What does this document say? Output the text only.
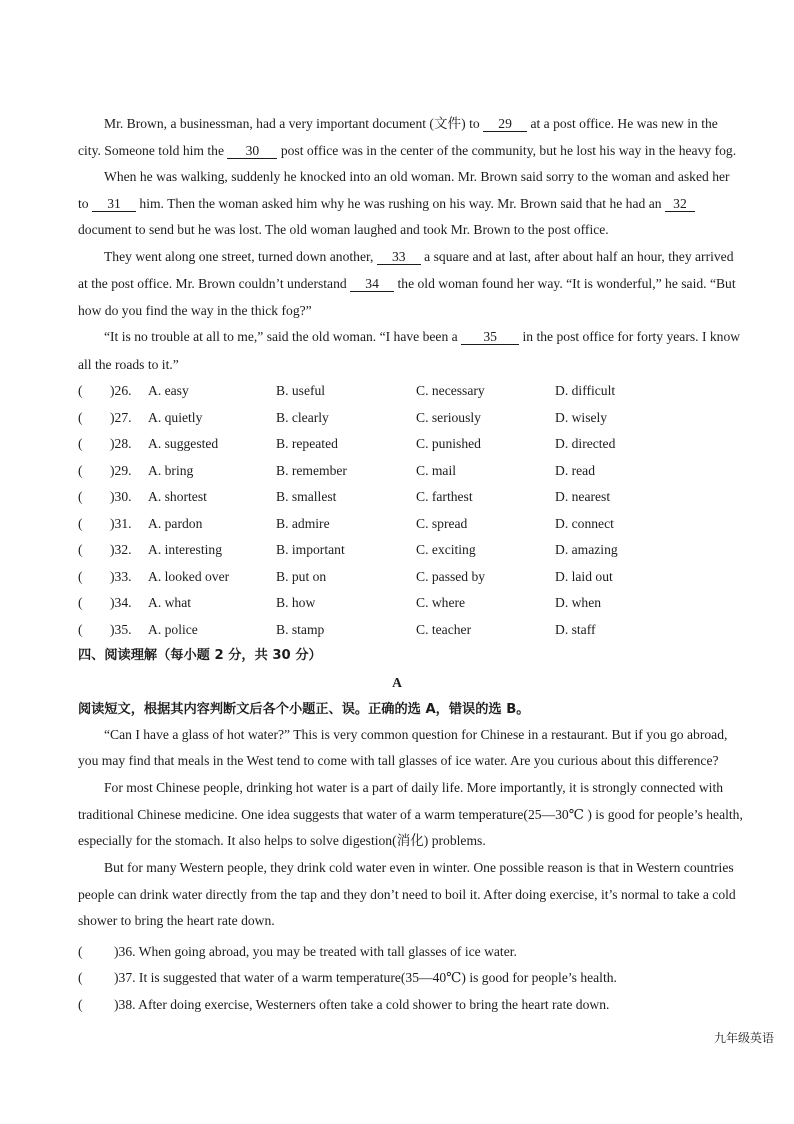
Mr. Brown, a businessman, had a very important document (文件) to 29 at a post office. He was new in the
city. Someone told him the 30 post office was in the center of the community, but he lost his way in the heavy fog.
When he was walking, suddenly he knocked into an old woman. Mr. Brown said sorry to the woman and asked her
to 31 him. Then the woman asked him why he was rushing on his way. Mr. Brown said that he had an 32
document to send but he was lost. The old woman laughed and took Mr. Brown to the post office.
They went along one street, turned down another, 33 a square and at last, after about half an hour, they arrived
at the post office. Mr. Brown couldn’t understand 34 the old woman found her way. “It is wonderful,” he said. “But
how do you find the way in the thick fog?”
“It is no trouble at all to me,” said the old woman. “I have been a 35 in the post office for forty years. I know
all the roads to it.”
( )26. A. easy	B. useful	C. necessary	D. difficult
( )27. A. quietly	B. clearly	C. seriously	D. wisely
( )28. A. suggested	B. repeated	C. punished	D. directed
( )29. A. bring	B. remember	C. mail	D. read
( )30. A. shortest	B. smallest	C. farthest	D. nearest
( )31. A. pardon	B. admire	C. spread	D. connect
( )32. A. interesting	B. important	C. exciting	D. amazing
( )33. A. looked over	B. put on	C. passed by	D. laid out
( )34. A. what	B. how	C. where	D. when
( )35. A. police	B. stamp	C. teacher	D. staff
四、阅读理解（每小题 2 分，共 30 分）
A
阅读短文，根据其内容判断文后各个小题正、误。正确的选 A，错误的选 B。
“Can I have a glass of hot water?” This is very common question for Chinese in a restaurant. But if you go abroad,
you may find that meals in the West tend to come with tall glasses of ice water. Are you curious about this difference?
For most Chinese people, drinking hot water is a part of daily life. More importantly, it is strongly connected with
traditional Chinese medicine. One idea suggests that water of a warm temperature(25—30℃ ) is good for people’s health,
especially for the stomach. It also helps to solve digestion(消化) problems.
But for many Western people, they drink cold water even in winter. One possible reason is that in Western countries
people can drink water directly from the tap and they don’t need to boil it. After doing exercise, it’s normal to take a cold
shower to bring the heart rate down.
( )36. When going abroad, you may be treated with tall glasses of ice water.
( )37. It is suggested that water of a warm temperature(35—40℃) is good for people’s health.
( )38. After doing exercise, Westerners often take a cold shower to bring the heart rate down.
九年级英语
